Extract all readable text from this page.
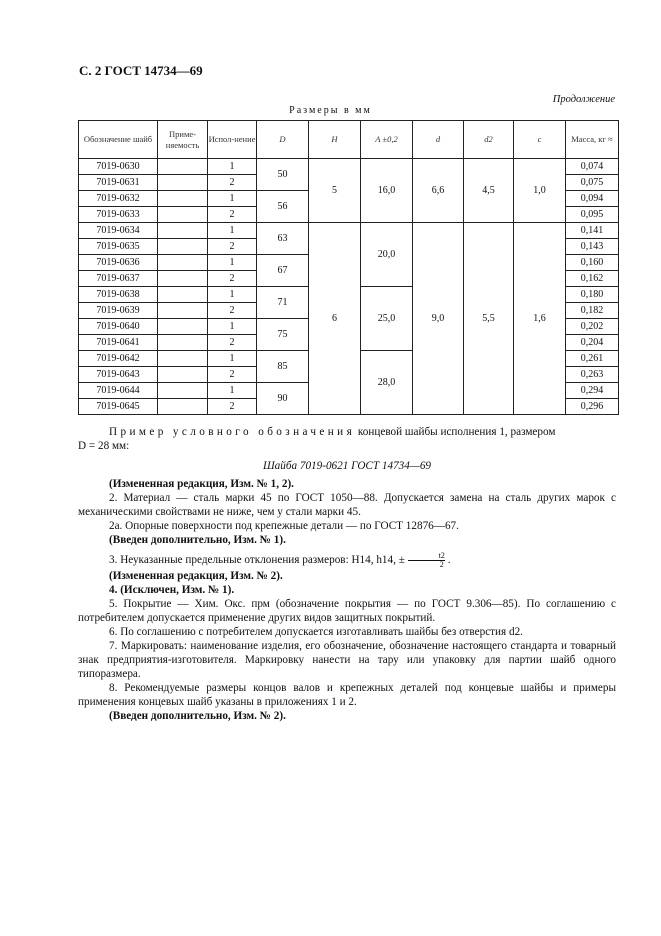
С. 2 ГОСТ 14734—69
Продолжение
Размеры в мм
Обозначение шайб	Приме-няемость	Испол-нение	D	H	A ±0,2	d	d2	c	Масса, кг ≈
7019-0630		1	50	5	16,0	6,6	4,5	1,0	0,074
7019-0631		2							0,075
7019-0632		1	56						0,094
7019-0633		2							0,095
7019-0634		1	63	6	20,0	9,0	5,5	1,6	0,141
7019-0635		2							0,143
7019-0636		1	67						0,160
7019-0637		2							0,162
7019-0638		1	71		25,0				0,180
7019-0639		2							0,182
7019-0640		1	75						0,202
7019-0641		2							0,204
7019-0642		1	85		28,0				0,261
7019-0643		2							0,263
7019-0644		1	90						0,294
7019-0645		2							0,296

Пример условного обозначения концевой шайбы исполнения 1, размером

D = 28 мм:

Шайба 7019-0621 ГОСТ 14734—69

(Измененная редакция, Изм. № 1, 2).

2. Материал — сталь марки 45 по ГОСТ 1050—88. Допускается замена на сталь других марок с механическими свойствами не ниже, чем у стали марки 45.

2а. Опорные поверхности под крепежные детали — по ГОСТ 12876—67.

(Введен дополнительно, Изм. № 1).

3. Неуказанные предельные отклонения размеров: H14, h14, ± $\frac{t2}{2}$ .

(Измененная редакция, Изм. № 2).

4. (Исключен, Изм. № 1).

5. Покрытие — Хим. Окс. прм (обозначение покрытия — по ГОСТ 9.306—85). По соглашению с потребителем допускается применение других видов защитных покрытий.

6. По соглашению с потребителем допускается изготавливать шайбы без отверстия d2.

7. Маркировать: наименование изделия, его обозначение, обозначение настоящего стандарта и товарный знак предприятия-изготовителя. Маркировку нанести на тару или упаковку для партии шайб одного типоразмера.

8. Рекомендуемые размеры концов валов и крепежных деталей под концевые шайбы и примеры применения концевых шайб указаны в приложениях 1 и 2.

(Введен дополнительно, Изм. № 2).
